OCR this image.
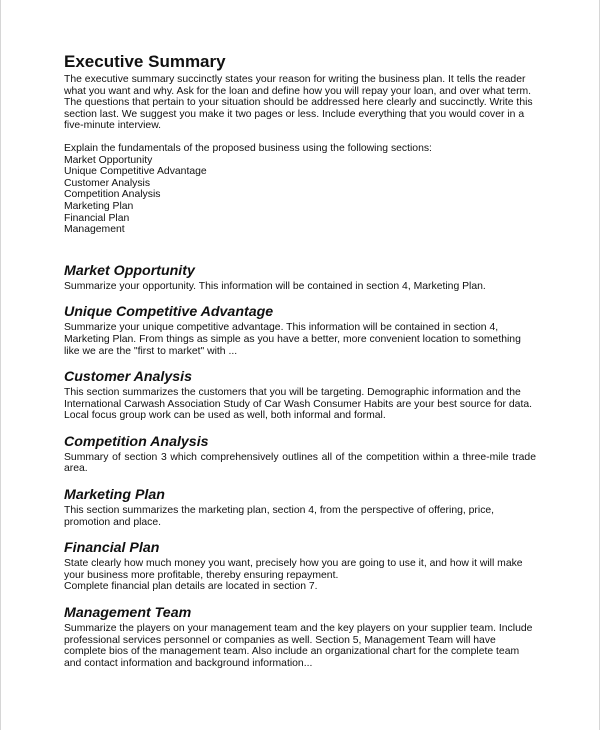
Executive Summary

The executive summary succinctly states your reason for writing the business plan. It tells the reader what you want and why. Ask for the loan and define how you will repay your loan, and over what term. The questions that pertain to your situation should be addressed here clearly and succinctly. Write this section last. We suggest you make it two pages or less. Include everything that you would cover in a five-minute interview.

Explain the fundamentals of the proposed business using the following sections:

Market Opportunity
Unique Competitive Advantage
Customer Analysis
Competition Analysis
Marketing Plan
Financial Plan
Management
Market Opportunity

Summarize your opportunity. This information will be contained in section 4, Marketing Plan.

Unique Competitive Advantage

Summarize your unique competitive advantage. This information will be contained in section 4, Marketing Plan. From things as simple as you have a better, more convenient location to something like we are the "first to market" with ...

Customer Analysis

This section summarizes the customers that you will be targeting. Demographic information and the International Carwash Association Study of Car Wash Consumer Habits are your best source for data. Local focus group work can be used as well, both informal and formal.

Competition Analysis

Summary of section 3 which comprehensively outlines all of the competition within a three-mile trade area.

Marketing Plan

This section summarizes the marketing plan, section 4, from the perspective of offering, price, promotion and place.

Financial Plan

State clearly how much money you want, precisely how you are going to use it, and how it will make your business more profitable, thereby ensuring repayment.

Complete financial plan details are located in section 7.

Management Team

Summarize the players on your management team and the key players on your supplier team. Include professional services personnel or companies as well. Section 5, Management Team will have complete bios of the management team. Also include an organizational chart for the complete team and contact information and background information...
